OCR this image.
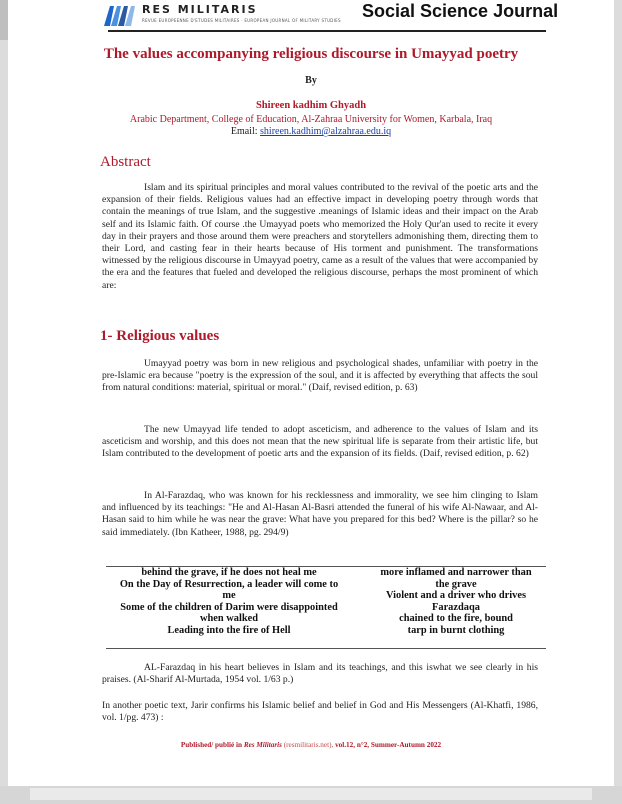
RES MILITARIS
REVUE EUROPEENNE D'ETUDES MILITAIRES · EUROPEAN JOURNAL OF MILITARY STUDIES Social Science Journal
The values accompanying religious discourse in Umayyad poetry
By
Shireen kadhim Ghyadh
Arabic Department, College of Education, Al-Zahraa University for Women, Karbala, Iraq
Email: shireen.kadhim@alzahraa.edu.iq
Abstract
Islam and its spiritual principles and moral values contributed to the revival of the poetic arts and the expansion of their fields. Religious values had an effective impact in developing poetry through words that contain the meanings of true Islam, and the suggestive .meanings of Islamic ideas and their impact on the Arab self and its Islamic faith. Of course .the Umayyad poets who memorized the Holy Qur'an used to recite it every day in their prayers and those around them were preachers and storytellers admonishing them, directing them to their Lord, and casting fear in their hearts because of His torment and punishment. The transformations witnessed by the religious discourse in Umayyad poetry, came as a result of the values that were accompanied by the era and the features that fueled and developed the religious discourse, perhaps the most prominent of which are:
1- Religious values
Umayyad poetry was born in new religious and psychological shades, unfamiliar with poetry in the pre-Islamic era because "poetry is the expression of the soul, and it is affected by everything that affects the soul from natural conditions: material, spiritual or moral." (Daif, revised edition, p. 63)
The new Umayyad life tended to adopt asceticism, and adherence to the values of Islam and its asceticism and worship, and this does not mean that the new spiritual life is separate from their artistic life, but Islam contributed to the development of poetic arts and the expansion of its fields. (Daif, revised edition, p. 62)
In Al-Farazdaq, who was known for his recklessness and immorality, we see him clinging to Islam and influenced by its teachings: "He and Al-Hasan Al-Basri attended the funeral of his wife Al-Nawaar, and Al-Hasan said to him while he was near the grave: What have you prepared for this bed? Where is the pillar? so he said immediately. (Ibn Katheer, 1988, pg. 294/9)
behind the grave, if he does not heal me
On the Day of Resurrection, a leader will come to
me
Some of the children of Darim were disappointed
when walked
Leading into the fire of Hell
more inflamed and narrower than
the grave
Violent and a driver who drives
Farazdaqa
chained to the fire, bound
tarp in burnt clothing
AL-Farazdaq in his heart believes in Islam and its teachings, and this iswhat we see clearly in his praises. (Al-Sharif Al-Murtada, 1954 vol. 1/63 p.)
In another poetic text, Jarir confirms his Islamic belief and belief in God and His Messengers (Al-Khatfi, 1986, vol. 1/pg. 473) :
Published/ publié in Res Militaris (resmilitaris.net), vol.12, n°2, Summer-Autumn 2022
